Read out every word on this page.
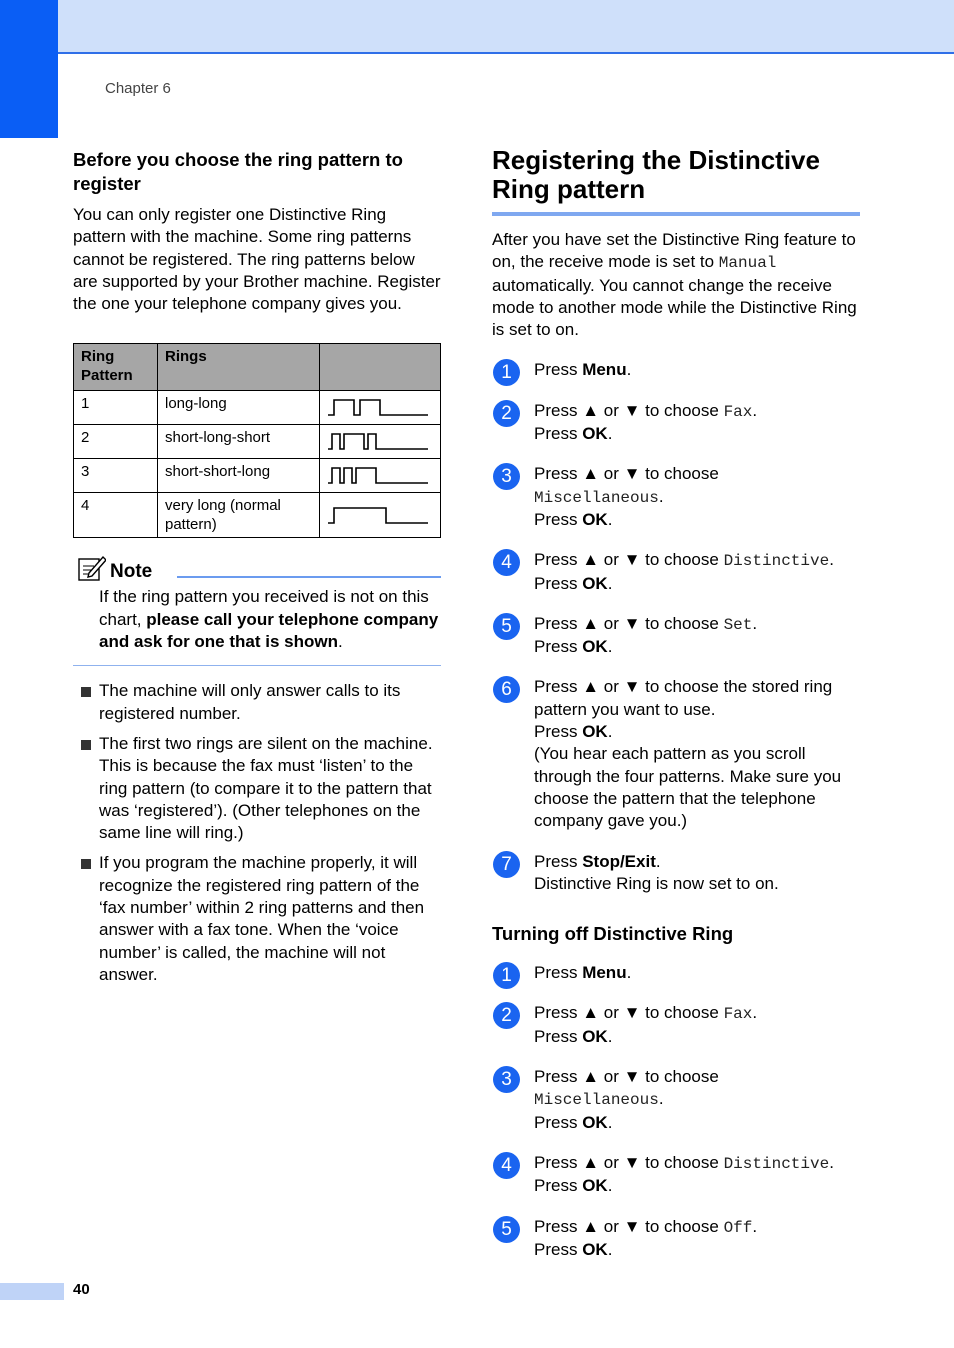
Chapter 6
Before you choose the ring pattern to register

You can only register one Distinctive Ring pattern with the machine. Some ring patterns cannot be registered. The ring patterns below are supported by your Brother machine. Register the one your telephone company gives you.

Ring Pattern	Rings	
1	long-long	
2	short-long-short	
3	short-short-long	
4	very long (normal pattern)	
Note
If the ring pattern you received is not on this chart, please call your telephone company and ask for one that is shown.
The machine will only answer calls to its registered number.
The first two rings are silent on the machine. This is because the fax must ‘listen’ to the ring pattern (to compare it to the pattern that was ‘registered’). (Other telephones on the same line will ring.)
If you program the machine properly, it will recognize the registered ring pattern of the ‘fax number’ within 2 ring patterns and then answer with a fax tone. When the ‘voice number’ is called, the machine will not answer.
Registering the Distinctive Ring pattern

After you have set the Distinctive Ring feature to on, the receive mode is set to Manual automatically. You cannot change the receive mode to another mode while the Distinctive Ring is set to on.

1	Press Menu.
2	Press ▲ or ▼ to choose Fax.
Press OK.
3	Press ▲ or ▼ to choose
Miscellaneous.
Press OK.
4	Press ▲ or ▼ to choose Distinctive.
Press OK.
5	Press ▲ or ▼ to choose Set.
Press OK.
6	Press ▲ or ▼ to choose the stored ring pattern you want to use.
Press OK.
(You hear each pattern as you scroll through the four patterns. Make sure you choose the pattern that the telephone company gave you.)
7	Press Stop/Exit.
Distinctive Ring is now set to on.
Turning off Distinctive Ring
1	Press Menu.
2	Press ▲ or ▼ to choose Fax.
Press OK.
3	Press ▲ or ▼ to choose
Miscellaneous.
Press OK.
4	Press ▲ or ▼ to choose Distinctive.
Press OK.
5	Press ▲ or ▼ to choose Off.
Press OK.
40
